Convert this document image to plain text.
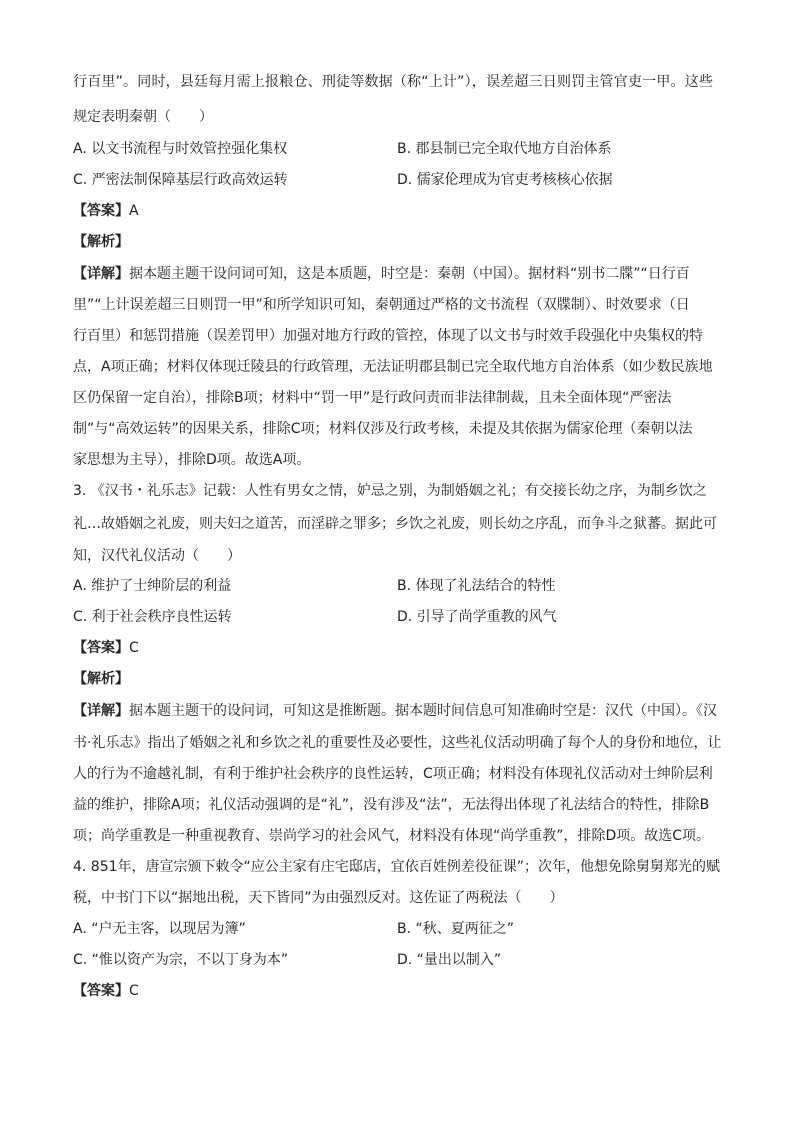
行百里”。同时，县廷每月需上报粮仓、刑徒等数据（称“上计”），误差超三日则罚主管官吏一甲。这些
规定表明秦朝（　　）
A. 以文书流程与时效管控强化集权	B. 郡县制已完全取代地方自治体系
C. 严密法制保障基层行政高效运转	D. 儒家伦理成为官吏考核核心依据
【答案】A
【解析】
【详解】据本题主题干设问词可知，这是本质题，时空是：秦朝（中国）。据材料“别书二牒”“日行百
里”“上计误差超三日则罚一甲”和所学知识可知，秦朝通过严格的文书流程（双牒制）、时效要求（日
行百里）和惩罚措施（误差罚甲）加强对地方行政的管控，体现了以文书与时效手段强化中央集权的特
点，A项正确；材料仅体现迁陵县的行政管理，无法证明郡县制已完全取代地方自治体系（如少数民族地
区仍保留一定自治），排除B项；材料中“罚一甲”是行政问责而非法律制裁，且未全面体现“严密法
制”与“高效运转”的因果关系，排除C项；材料仅涉及行政考核，未提及其依据为儒家伦理（秦朝以法
家思想为主导），排除D项。故选A项。
3. 《汉书・礼乐志》记载：人性有男女之情，妒忌之别，为制婚姻之礼；有交接长幼之序，为制乡饮之
礼…故婚姻之礼废，则夫妇之道苦，而淫辟之罪多；乡饮之礼废，则长幼之序乱，而争斗之狱蕃。据此可
知，汉代礼仪活动（　　）
A. 维护了士绅阶层的利益	B. 体现了礼法结合的特性
C. 利于社会秩序良性运转	D. 引导了尚学重教的风气
【答案】C
【解析】
【详解】据本题主题干的设问词，可知这是推断题。据本题时间信息可知准确时空是：汉代（中国）。《汉
书·礼乐志》指出了婚姻之礼和乡饮之礼的重要性及必要性，这些礼仪活动明确了每个人的身份和地位，让
人的行为不逾越礼制，有利于维护社会秩序的良性运转，C项正确；材料没有体现礼仪活动对士绅阶层利
益的维护，排除A项；礼仪活动强调的是“礼”，没有涉及“法”，无法得出体现了礼法结合的特性，排除B
项；尚学重教是一种重视教育、崇尚学习的社会风气，材料没有体现“尚学重教”，排除D项。故选C项。
4. 851年，唐宣宗颁下敕令“应公主家有庄宅邸店，宜依百姓例差役征课”；次年，他想免除舅舅郑光的赋
税，中书门下以“据地出税，天下皆同”为由强烈反对。这佐证了两税法（　　）
A. “户无主客，以现居为簿”	B. “秋、夏两征之”
C. “惟以资产为宗，不以丁身为本”	D. “量出以制入”
【答案】C
